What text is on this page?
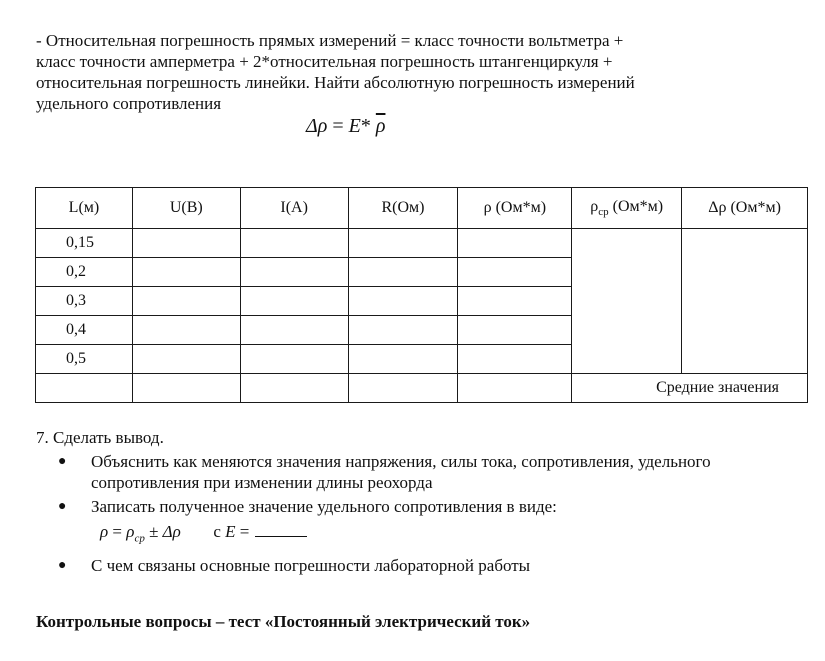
- Относительная погрешность прямых измерений = класс точности вольтметра +

класс точности амперметра + 2*относительная погрешность штангенциркуля +

относительная погрешность линейки. Найти абсолютную погрешность измерений

удельного сопротивления

Δρ = E* $\overline{\rho}$
L(м)	U(В)	I(А)	R(Ом)	ρ (Ом*м)	$\rho_{ср}$ (Ом*м)	Δρ (Ом*м)
0,15						
0,2						
0,3						
0,4						
0,5						
					Средние значения	

7. Сделать вывод.

● Объяснить как меняются значения напряжения, силы тока, сопротивления, удельного сопротивления при изменении длины реохорда
● Записать полученное значение удельного сопротивления в виде:
$\rho = \rho_{ср} \pm \Delta\rho$ с E =
● С чем связаны основные погрешности лабораторной работы
Контрольные вопросы – тест «Постоянный электрический ток»
